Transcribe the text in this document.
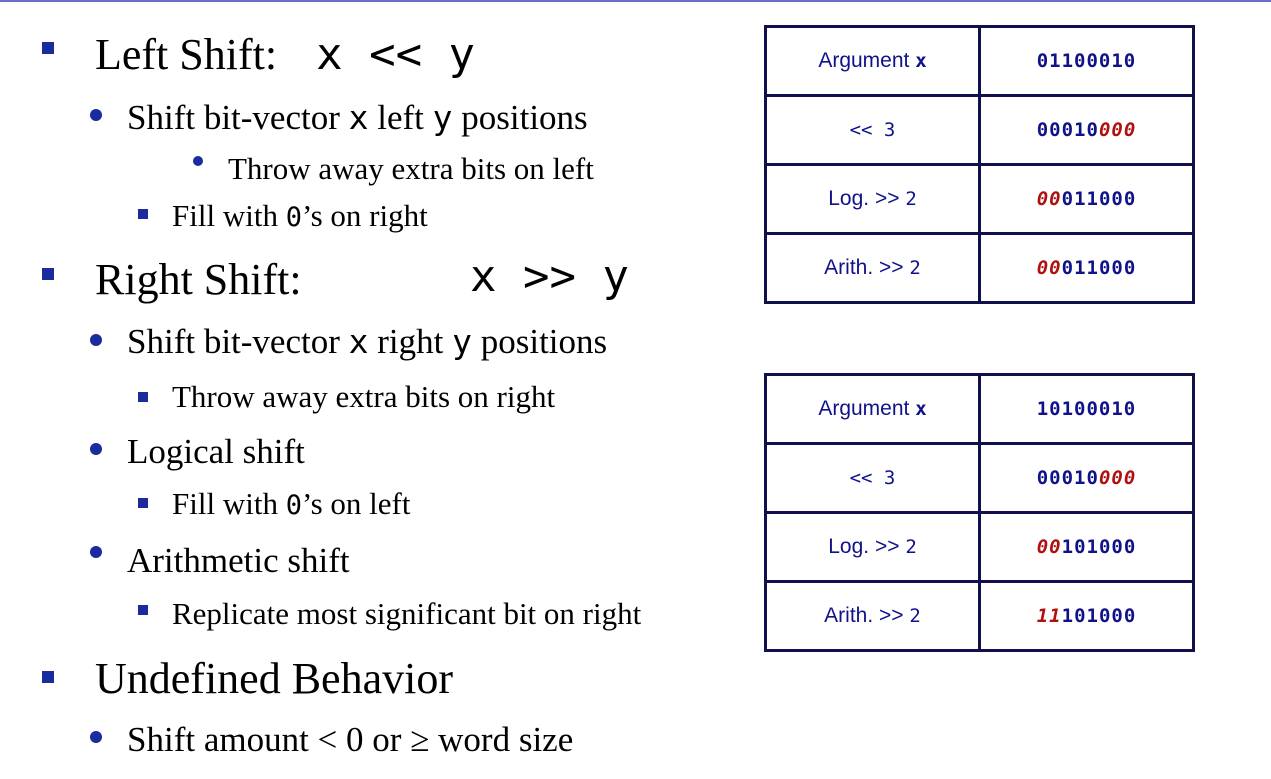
Left Shift: x << y
Shift bit-vector x left y positions
Throw away extra bits on left
Fill with 0’s on right
Right Shift:	x >> y
Shift bit-vector x right y positions
Throw away extra bits on right
Logical shift
Fill with 0’s on left
Arithmetic shift
Replicate most significant bit on right
Undefined Behavior
Shift amount < 0 or ≥ word size
Argument x	01100010
<< 3	00010000
Log. >> 2	00011000
Arith. >> 2	00011000
Argument x	10100010
<< 3	00010000
Log. >> 2	00101000
Arith. >> 2	11101000
